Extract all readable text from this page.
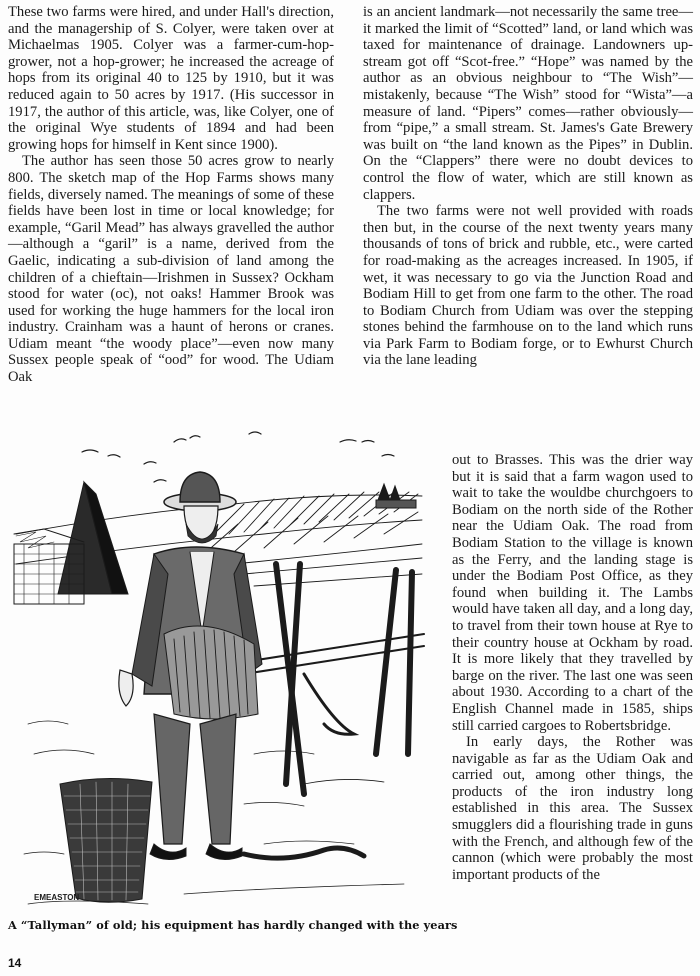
These two farms were hired, and under Hall's direction, and the managership of S. Colyer, were taken over at Michaelmas 1905. Colyer was a farmer-cum-hop-grower, not a hop-grower; he increased the acreage of hops from its original 40 to 125 by 1910, but it was reduced again to 50 acres by 1917. (His successor in 1917, the author of this article, was, like Colyer, one of the original Wye students of 1894 and had been growing hops for himself in Kent since 1900).

The author has seen those 50 acres grow to nearly 800. The sketch map of the Hop Farms shows many fields, diversely named. The meanings of some of these fields have been lost in time or local knowledge; for example, “Garil Mead” has always gravelled the author—although a “garil” is a name, derived from the Gaelic, indicating a sub-division of land among the children of a chieftain—Irishmen in Sussex? Ockham stood for water (oc), not oaks! Hammer Brook was used for working the huge hammers for the local iron industry. Crainham was a haunt of herons or cranes. Udiam meant “the woody place”—even now many Sussex people speak of “ood” for wood. The Udiam Oak

is an ancient landmark—not necessarily the same tree—it marked the limit of “Scotted” land, or land which was taxed for maintenance of drainage. Landowners up-stream got off “Scot-free.” “Hope” was named by the author as an obvious neighbour to “The Wish”—mistakenly, because “The Wish” stood for “Wista”—a measure of land. “Pipers” comes—rather obviously—from “pipe,” a small stream. St. James's Gate Brewery was built on “the land known as the Pipes” in Dublin. On the “Clappers” there were no doubt devices to control the flow of water, which are still known as clappers.

The two farms were not well provided with roads then but, in the course of the next twenty years many thousands of tons of brick and rubble, etc., were carted for road-making as the acreages increased. In 1905, if wet, it was necessary to go via the Junction Road and Bodiam Hill to get from one farm to the other. The road to Bodiam Church from Udiam was over the stepping stones behind the farmhouse on to the land which runs via Park Farm to Bodiam forge, or to Ewhurst Church via the lane leading

out to Brasses. This was the drier way but it is said that a farm wagon used to wait to take the wouldbe churchgoers to Bodiam on the north side of the Rother near the Udiam Oak. The road from Bodiam Station to the village is known as the Ferry, and the landing stage is under the Bodiam Post Office, as they found when building it. The Lambs would have taken all day, and a long day, to travel from their town house at Rye to their country house at Ockham by road. It is more likely that they travelled by barge on the river. The last one was seen about 1930. According to a chart of the English Channel made in 1585, ships still carried cargoes to Robertsbridge.

In early days, the Rother was navigable as far as the Udiam Oak and carried out, among other things, the products of the iron industry long established in this area. The Sussex smugglers did a flourishing trade in guns with the French, and although few of the cannon (which were probably the most important products of the

EMEASTON
A “Tallyman” of old; his equipment has hardly changed with the years
14
